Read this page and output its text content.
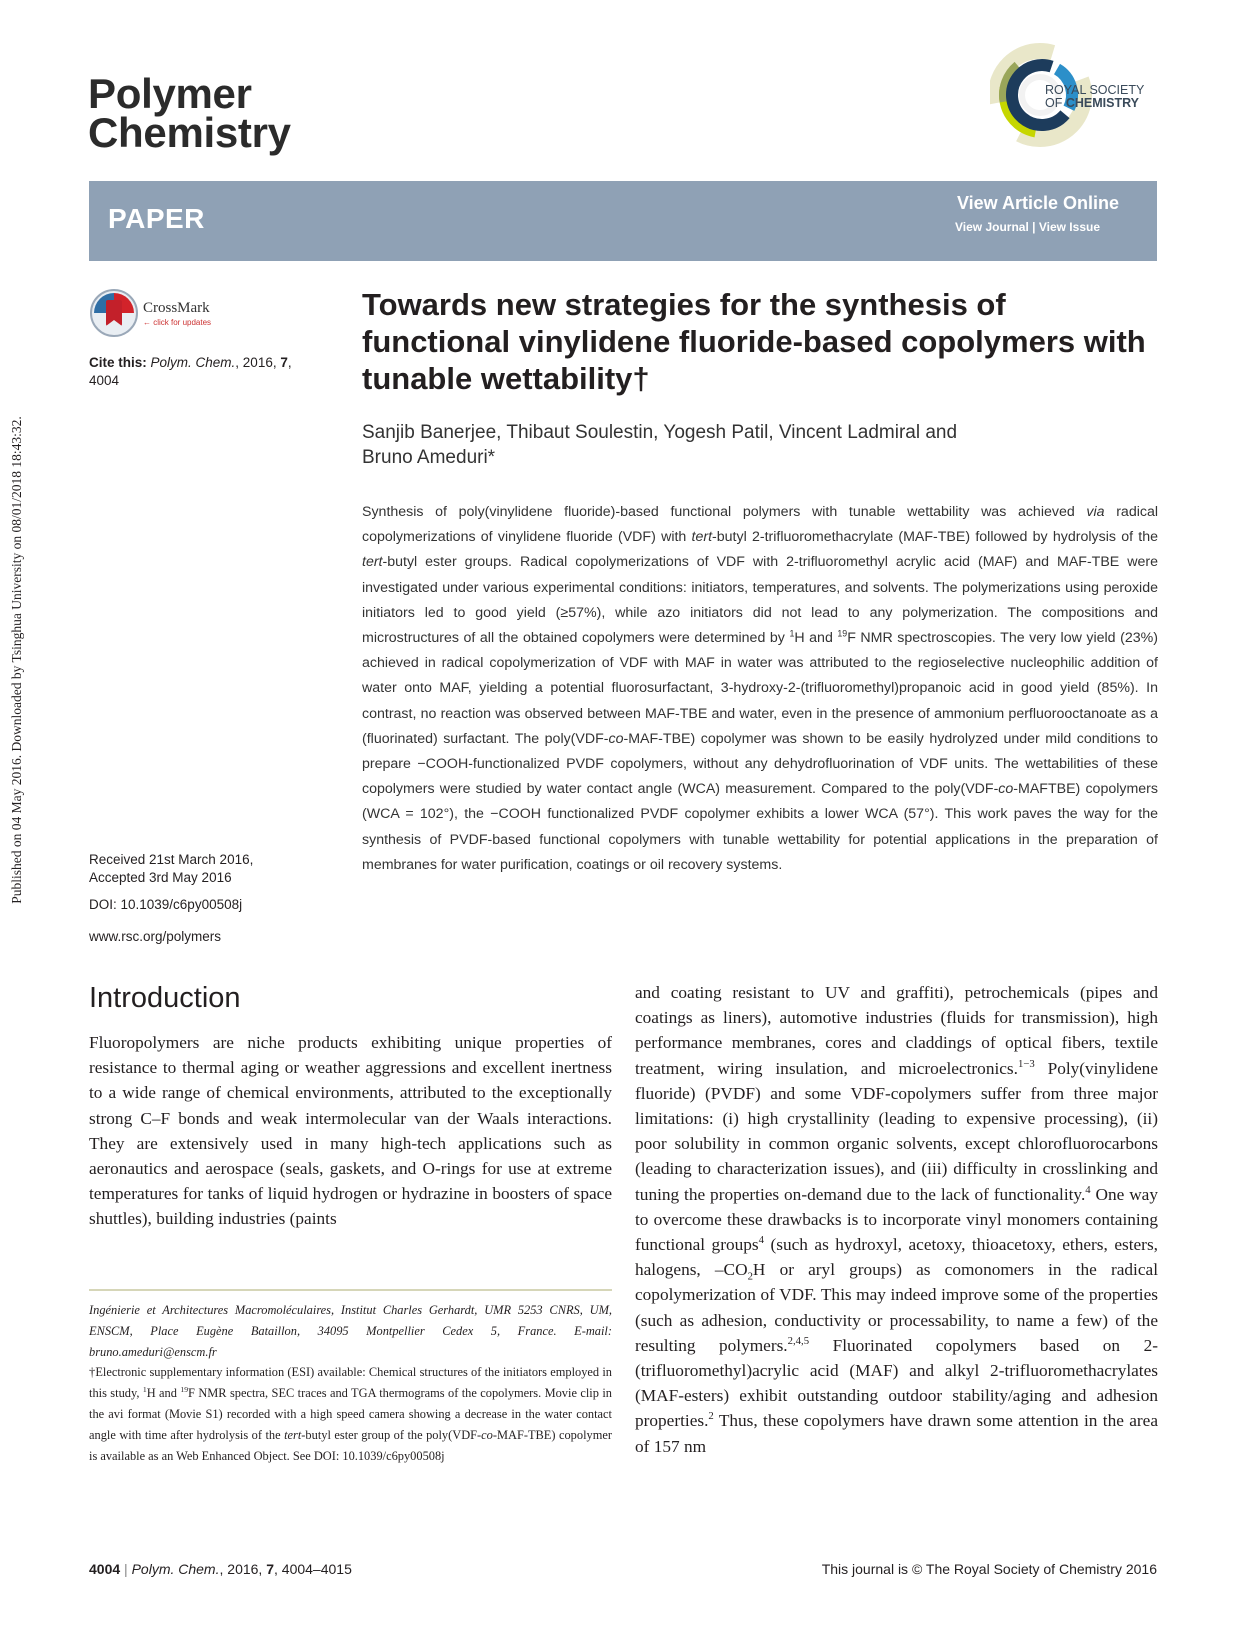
Published on 04 May 2016. Downloaded by Tsinghua University on 08/01/2018 18:43:32.
Polymer
Chemistry
ROYAL SOCIETY
OF CHEMISTRY
PAPER	View Article Online
View Journal | View Issue
CrossMark
← click for updates
Cite this: Polym. Chem., 2016, 7,
4004
Towards new strategies for the synthesis of functional vinylidene fluoride-based copolymers with tunable wettability†
Sanjib Banerjee, Thibaut Soulestin, Yogesh Patil, Vincent Ladmiral and
Bruno Ameduri*
Synthesis of poly(vinylidene fluoride)-based functional polymers with tunable wettability was achieved via radical copolymerizations of vinylidene fluoride (VDF) with tert-butyl 2-trifluoromethacrylate (MAF-TBE) followed by hydrolysis of the tert-butyl ester groups. Radical copolymerizations of VDF with 2-trifluoromethyl acrylic acid (MAF) and MAF-TBE were investigated under various experimental conditions: initiators, temperatures, and solvents. The polymerizations using peroxide initiators led to good yield (≥57%), while azo initiators did not lead to any polymerization. The compositions and microstructures of all the obtained copolymers were determined by $^1$H and $^{19}$F NMR spectroscopies. The very low yield (23%) achieved in radical copolymerization of VDF with MAF in water was attributed to the regioselective nucleophilic addition of water onto MAF, yielding a potential fluorosurfactant, 3-hydroxy-2-(trifluoromethyl)propanoic acid in good yield (85%). In contrast, no reaction was observed between MAF-TBE and water, even in the presence of ammonium perfluorooctanoate as a (fluorinated) surfactant. The poly(VDF-co-MAF-TBE) copolymer was shown to be easily hydrolyzed under mild conditions to prepare −COOH-functionalized PVDF copolymers, without any dehydrofluorination of VDF units. The wettabilities of these copolymers were studied by water contact angle (WCA) measurement. Compared to the poly(VDF-co-MAFTBE) copolymers (WCA = 102°), the −COOH functionalized PVDF copolymer exhibits a lower WCA (57°). This work paves the way for the synthesis of PVDF-based functional copolymers with tunable wettability for potential applications in the preparation of membranes for water purification, coatings or oil recovery systems.
Received 21st March 2016,
Accepted 3rd May 2016
DOI: 10.1039/c6py00508j
www.rsc.org/polymers
Introduction
Fluoropolymers are niche products exhibiting unique properties of resistance to thermal aging or weather aggressions and excellent inertness to a wide range of chemical environments, attributed to the exceptionally strong C–F bonds and weak intermolecular van der Waals interactions. They are extensively used in many high-tech applications such as aeronautics and aerospace (seals, gaskets, and O-rings for use at extreme temperatures for tanks of liquid hydrogen or hydrazine in boosters of space shuttles), building industries (paints
and coating resistant to UV and graffiti), petrochemicals (pipes and coatings as liners), automotive industries (fluids for transmission), high performance membranes, cores and claddings of optical fibers, textile treatment, wiring insulation, and microelectronics.$^{1-3}$ Poly(vinylidene fluoride) (PVDF) and some VDF-copolymers suffer from three major limitations: (i) high crystallinity (leading to expensive processing), (ii) poor solubility in common organic solvents, except chlorofluorocarbons (leading to characterization issues), and (iii) difficulty in crosslinking and tuning the properties on-demand due to the lack of functionality.$^4$ One way to overcome these drawbacks is to incorporate vinyl monomers containing functional groups$^4$ (such as hydroxyl, acetoxy, thioacetoxy, ethers, esters, halogens, $-CO_2H$ or aryl groups) as comonomers in the radical copolymerization of VDF. This may indeed improve some of the properties (such as adhesion, conductivity or processability, to name a few) of the resulting polymers.$^{2,4,5}$ Fluorinated copolymers based on 2-(trifluoromethyl)acrylic acid (MAF) and alkyl 2-trifluoromethacrylates (MAF-esters) exhibit outstanding outdoor stability/aging and adhesion properties.$^2$ Thus, these copolymers have drawn some attention in the area of 157 nm
Ingénierie et Architectures Macromoléculaires, Institut Charles Gerhardt, UMR 5253 CNRS, UM, ENSCM, Place Eugène Bataillon, 34095 Montpellier Cedex 5, France. E-mail: bruno.ameduri@enscm.fr
†Electronic supplementary information (ESI) available: Chemical structures of the initiators employed in this study, $^1$H and $^{19}$F NMR spectra, SEC traces and TGA thermograms of the copolymers. Movie clip in the avi format (Movie S1) recorded with a high speed camera showing a decrease in the water contact angle with time after hydrolysis of the tert-butyl ester group of the poly(VDF-co-MAF-TBE) copolymer is available as an Web Enhanced Object. See DOI: 10.1039/c6py00508j
4004 | Polym. Chem., 2016, 7, 4004–4015	This journal is © The Royal Society of Chemistry 2016
